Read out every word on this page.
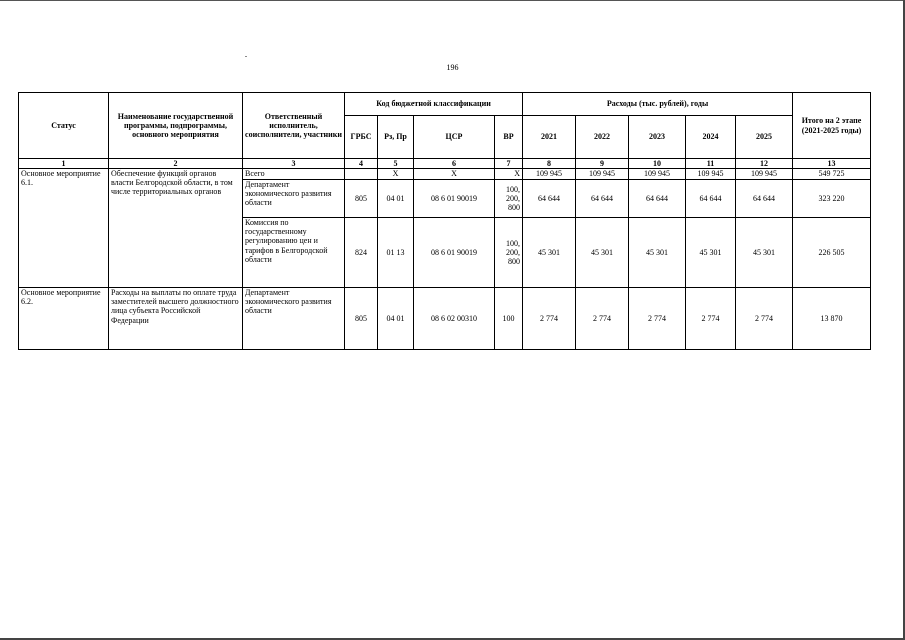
196
Статус	Наименование государственной программы, подпрограммы, основного мероприятия	Ответственный исполнитель, соисполнители, участники	Код бюджетной классификации				Расходы (тыс. рублей), годы					Итого на 2 этапе (2021-2025 годы)
			ГРБС	Рз, Пр	ЦСР	ВР	2021	2022	2023	2024	2025	
1	2	3	4	5	6	7	8	9	10	11	12	13
Основное мероприятие 6.1.	Обеспечение функций органов власти Белгородской области, в том числе территориальных органов	Всего		X	X	X	109 945	109 945	109 945	109 945	109 945	549 725
		Департамент экономического развития области	805	04 01	08 6 01 90019	100, 200, 800	64 644	64 644	64 644	64 644	64 644	323 220
		Комиссия по государственному регулированию цен и тарифов в Белгородской области	824	01 13	08 6 01 90019	100, 200, 800	45 301	45 301	45 301	45 301	45 301	226 505
Основное мероприятие 6.2.	Расходы на выплаты по оплате труда заместителей высшего должностного лица субъекта Российской Федерации	Департамент экономического развития области	805	04 01	08 6 02 00310	100	2 774	2 774	2 774	2 774	2 774	13 870
